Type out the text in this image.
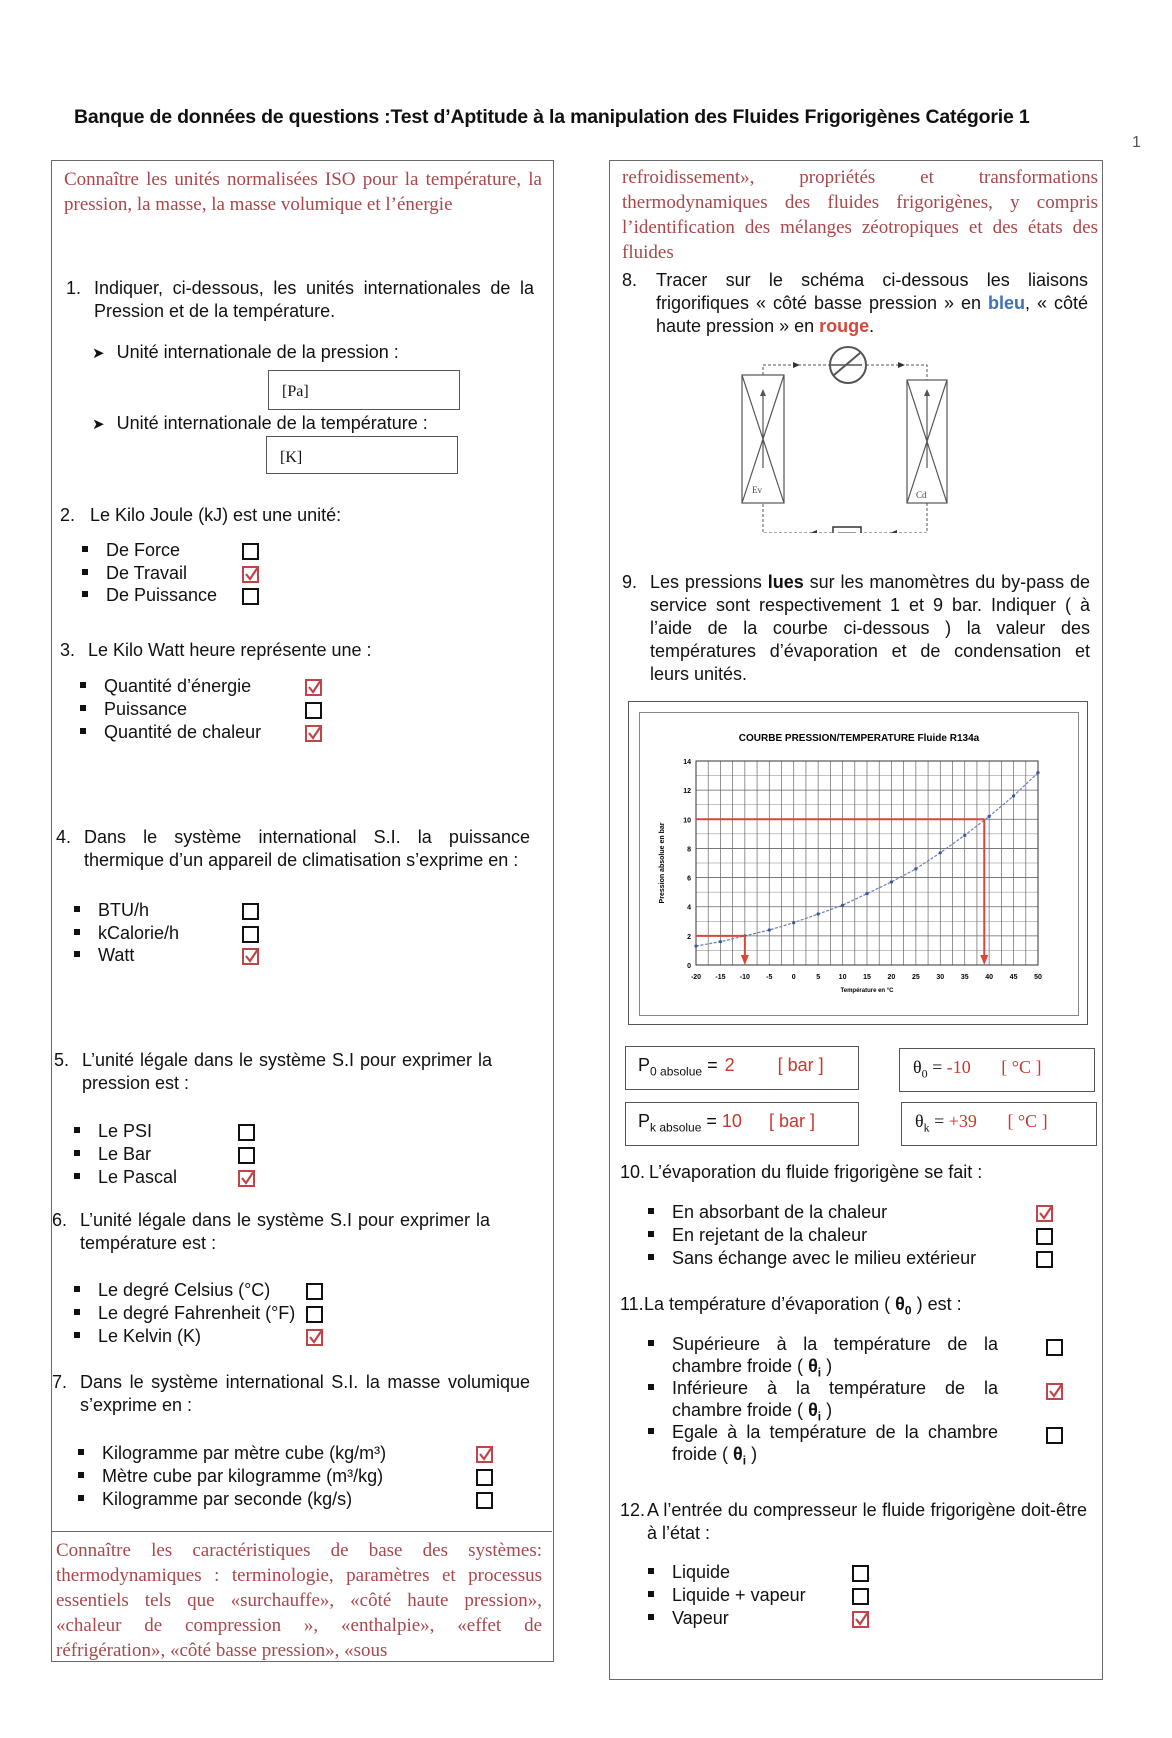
Banque de données de questions :Test d’Aptitude à la manipulation des Fluides Frigorigènes Catégorie 1
1
Connaître les unités normalisées ISO pour la température, la pression, la masse, la masse volumique et l’énergie
1. Indiquer, ci-dessous, les unités internationales de la Pression et de la température.
➤ Unité internationale de la pression :
[Pa]
➤ Unité internationale de la température :
[K]
2. Le Kilo Joule (kJ) est une unité:
De Force
De Travail
De Puissance
3. Le Kilo Watt heure représente une :
Quantité d’énergie
Puissance
Quantité de chaleur
4. Dans le système international S.I. la puissance thermique d’un appareil de climatisation s’exprime en :
BTU/h
kCalorie/h
Watt
5. L’unité légale dans le système S.I pour exprimer la pression est :
Le PSI
Le Bar
Le Pascal
6. L’unité légale dans le système S.I pour exprimer la température est :
Le degré Celsius (°C)
Le degré Fahrenheit (°F)
Le Kelvin (K)
7. Dans le système international S.I. la masse volumique s’exprime en :
Kilogramme par mètre cube (kg/m³)
Mètre cube par kilogramme (m³/kg)
Kilogramme par seconde (kg/s)
Connaître les caractéristiques de base des systèmes: thermodynamiques : terminologie, paramètres et processus essentiels tels que «surchauffe», «côté haute pression», «chaleur de compression », «enthalpie», «effet de réfrigération», «côté basse pression», «sous
refroidissement», propriétés et transformations thermodynamiques des fluides frigorigènes, y compris l’identification des mélanges zéotropiques et des états des fluides
8. Tracer sur le schéma ci-dessous les liaisons frigorifiques « côté basse pression » en bleu, « côté haute pression » en rouge.
Ev	Cd
9. Les pressions lues sur les manomètres du by-pass de service sont respectivement 1 et 9 bar. Indiquer ( à l’aide de la courbe ci-dessous ) la valeur des températures d’évaporation et de condensation et leurs unités.
COURBE PRESSION/TEMPERATURE Fluide R134a
-20 -15 -10 -5	0	5	10 15 20 25 30 35 40 45 50
0
2
4
6
8
10
12
14
Température en °C
Pression absolue en bar
$P_{0 absolue} = 2$ [ bar ]	$\theta_0 = -10$ [ °C ]
$P_{k absolue} = 10$ [ bar ]	$\theta_k = +39$ [ °C ]
10. L’évaporation du fluide frigorigène se fait :
En absorbant de la chaleur
En rejetant de la chaleur
Sans échange avec le milieu extérieur
11. La température d’évaporation ( $\theta_0$ ) est :
Supérieure à la température de la
chambre froide ( $\theta_i$ )
Inférieure à la température de la
chambre froide ( $\theta_i$ )
Egale à la température de la chambre
froide ( $\theta_i$ )
12. A l’entrée du compresseur le fluide frigorigène doit-être à l’état :
Liquide
Liquide + vapeur
Vapeur
